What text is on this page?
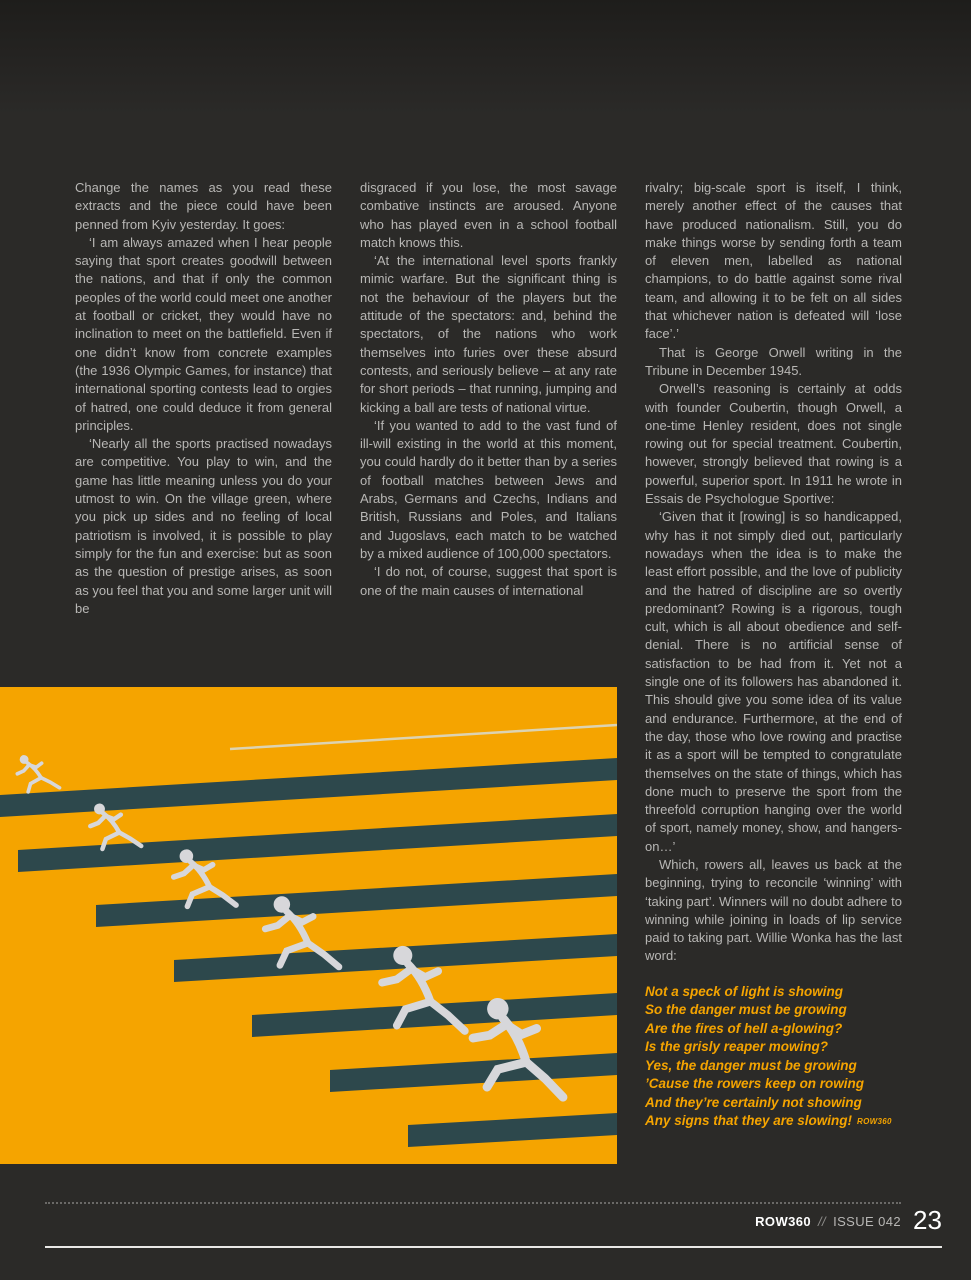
Change the names as you read these extracts and the piece could have been penned from Kyiv yesterday. It goes:

‘I am always amazed when I hear people saying that sport creates goodwill between the nations, and that if only the common peoples of the world could meet one another at football or cricket, they would have no inclination to meet on the battlefield. Even if one didn’t know from concrete examples (the 1936 Olympic Games, for instance) that international sporting contests lead to orgies of hatred, one could deduce it from general principles.

‘Nearly all the sports practised nowadays are competitive. You play to win, and the game has little meaning unless you do your utmost to win. On the village green, where you pick up sides and no feeling of local patriotism is involved, it is possible to play simply for the fun and exercise: but as soon as the question of prestige arises, as soon as you feel that you and some larger unit will be

disgraced if you lose, the most savage combative instincts are aroused. Anyone who has played even in a school football match knows this.

‘At the international level sports frankly mimic warfare. But the significant thing is not the behaviour of the players but the attitude of the spectators: and, behind the spectators, of the nations who work themselves into furies over these absurd contests, and seriously believe – at any rate for short periods – that running, jumping and kicking a ball are tests of national virtue.

‘If you wanted to add to the vast fund of ill-will existing in the world at this moment, you could hardly do it better than by a series of football matches between Jews and Arabs, Germans and Czechs, Indians and British, Russians and Poles, and Italians and Jugoslavs, each match to be watched by a mixed audience of 100,000 spectators.

‘I do not, of course, suggest that sport is one of the main causes of international

rivalry; big-scale sport is itself, I think, merely another effect of the causes that have produced nationalism. Still, you do make things worse by sending forth a team of eleven men, labelled as national champions, to do battle against some rival team, and allowing it to be felt on all sides that whichever nation is defeated will ‘lose face’.’

That is George Orwell writing in the Tribune in December 1945.

Orwell’s reasoning is certainly at odds with founder Coubertin, though Orwell, a one-time Henley resident, does not single rowing out for special treatment. Coubertin, however, strongly believed that rowing is a powerful, superior sport. In 1911 he wrote in Essais de Psychologue Sportive:

‘Given that it [rowing] is so handicapped, why has it not simply died out, particularly nowadays when the idea is to make the least effort possible, and the love of publicity and the hatred of discipline are so overtly predominant? Rowing is a rigorous, tough cult, which is all about obedience and self-denial. There is no artificial sense of satisfaction to be had from it. Yet not a single one of its followers has abandoned it. This should give you some idea of its value and endurance. Furthermore, at the end of the day, those who love rowing and practise it as a sport will be tempted to congratulate themselves on the state of things, which has done much to preserve the sport from the threefold corruption hanging over the world of sport, namely money, show, and hangers-on…’

Which, rowers all, leaves us back at the beginning, trying to reconcile ‘winning’ with ‘taking part’. Winners will no doubt adhere to winning while joining in loads of lip service paid to taking part. Willie Wonka has the last word:

Not a speck of light is showing
So the danger must be growing
Are the fires of hell a-glowing?
Is the grisly reaper mowing?
Yes, the danger must be growing
’Cause the rowers keep on rowing
And they’re certainly not showing
Any signs that they are slowing! ROW360
ROW360 // ISSUE 042 23
